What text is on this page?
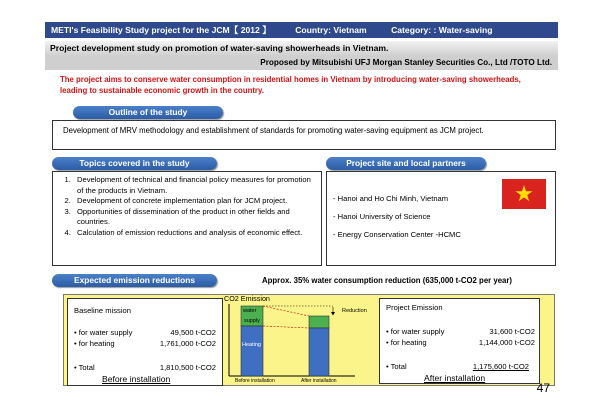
METI's Feasibility Study project for the JCM【 2012 】	Country: Vietnam	Category: : Water-saving
Project development study on promotion of water-saving showerheads in Vietnam.
Proposed by Mitsubishi UFJ Morgan Stanley Securities Co., Ltd /TOTO Ltd.
The project aims to conserve water consumption in residential homes in Vietnam by introducing water-saving showerheads, leading to sustainable economic growth in the country.
Outline of the study
Development of MRV methodology and establishment of standards for promoting water-saving equipment as JCM project.
Topics covered in the study
1. Development of technical and financial policy measures for promotion of the products in Vietnam.
2. Development of concrete implementation plan for JCM project.
3. Opportunities of dissemination of the product in other fields and countries.
4. Calculation of emission reductions and analysis of economic effect.
Project site and local partners
- Hanoi and Ho Chi Minh, Vietnam
- Hanoi University of Science
- Energy Conservation Center -HCMC
★
Expected emission reductions	Approx. 35% water consumption reduction (635,000 t-CO2 per year)
Baseline mission
• for water supply	49,500 t-CO2
• for heating	1,761,000 t-CO2
• Total	1,810,500 t-CO2
Before installation
CO2 Emission
water
supply
Heating
Reduction
Before installation	After installation
Project Emission
• for water supply	31,600 t-CO2
• for heating	1,144,000 t-CO2
• Total	1,175,600 t-CO2
After installation
47
